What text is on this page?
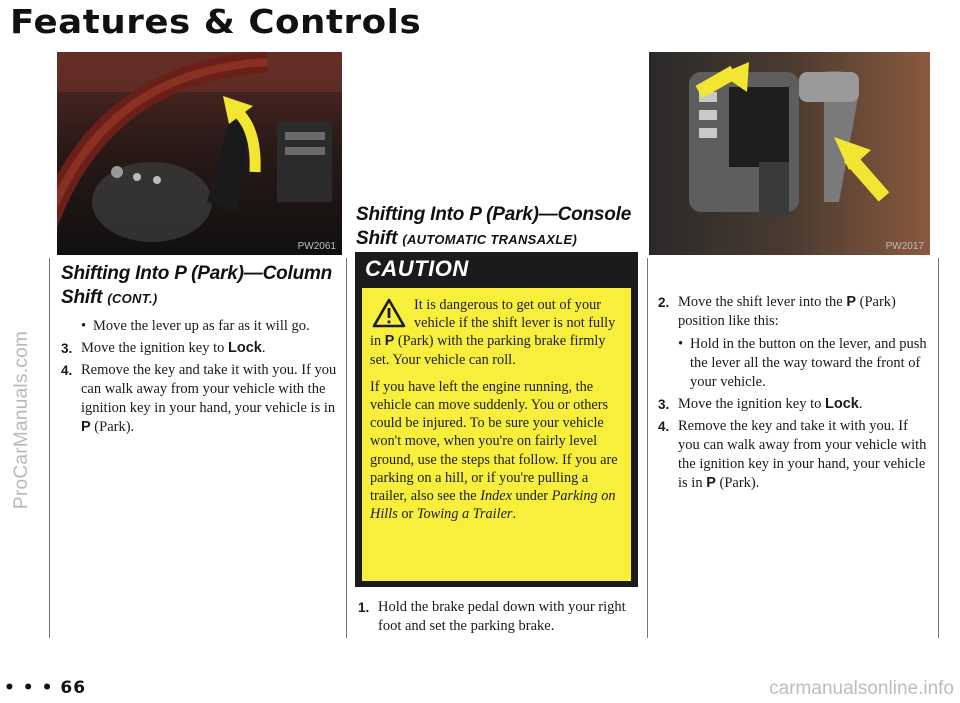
Features & Controls
ProCarManuals.com
carmanualsonline.info
PW2061	PW2017
Shifting Into P (Park)—Column Shift (CONT.)
• Move the lever up as far as it will go.
3. Move the ignition key to Lock.
4. Remove the key and take it with you. If you can walk away from your vehicle with the ignition key in your hand, your vehicle is in P (Park).
Shifting Into P (Park)—Console Shift (AUTOMATIC TRANSAXLE)
CAUTION

It is dangerous to get out of your vehicle if the shift lever is not fully in P (Park) with the parking brake firmly set. Your vehicle can roll.

If you have left the engine running, the vehicle can move suddenly. You or others could be injured. To be sure your vehicle won't move, when you're on fairly level ground, use the steps that follow. If you are parking on a hill, or if you're pulling a trailer, also see the Index under Parking on Hills or Towing a Trailer.

1. Hold the brake pedal down with your right foot and set the parking brake.
2. Move the shift lever into the P (Park) position like this:
• Hold in the button on the lever, and push the lever all the way toward the front of your vehicle.
3. Move the ignition key to Lock.
4. Remove the key and take it with you. If you can walk away from your vehicle with the ignition key in your hand, your vehicle is in P (Park).
• • • 66
